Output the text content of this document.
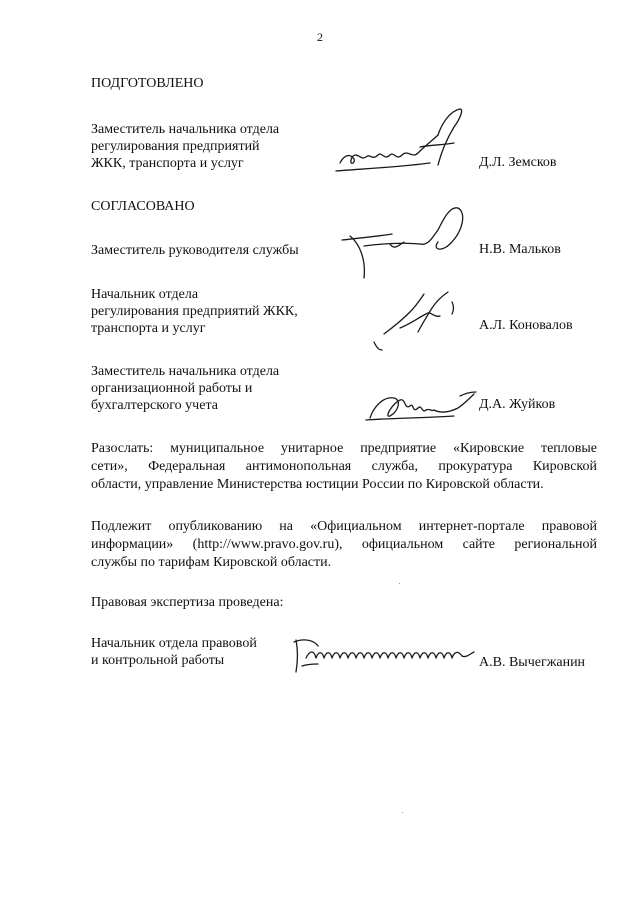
2
ПОДГОТОВЛЕНО
Заместитель начальника отдела
регулирования предприятий
ЖКК, транспорта и услуг	Д.Л. Земсков
СОГЛАСОВАНО
Заместитель руководителя службы	Н.В. Мальков
Начальник отдела
регулирования предприятий ЖКК,
транспорта и услуг	А.Л. Коновалов
Заместитель начальника отдела
организационной работы и
бухгалтерского учета	Д.А. Жуйков
Разослать: муниципальное унитарное предприятие «Кировские тепловые
сети», Федеральная антимонопольная служба, прокуратура Кировской
области, управление Министерства юстиции России по Кировской области.
Подлежит опубликованию на «Официальном интернет-портале правовой
информации» (http://www.pravo.gov.ru), официальном сайте региональной
службы по тарифам Кировской области.
Правовая экспертиза проведена:
Начальник отдела правовой
и контрольной работы	А.В. Вычегжанин
